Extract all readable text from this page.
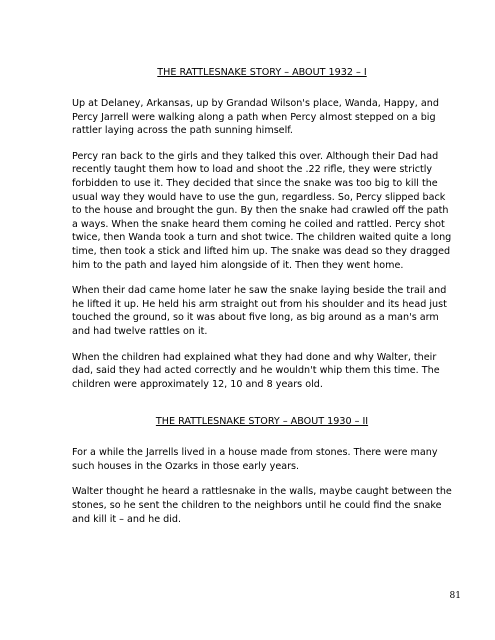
THE RATTLESNAKE STORY – ABOUT 1932 – I

Up at Delaney, Arkansas, up by Grandad Wilson's place, Wanda, Happy, and Percy Jarrell were walking along a path when Percy almost stepped on a big rattler laying across the path sunning himself.

Percy ran back to the girls and they talked this over. Although their Dad had recently taught them how to load and shoot the .22 rifle, they were strictly forbidden to use it. They decided that since the snake was too big to kill the usual way they would have to use the gun, regardless. So, Percy slipped back to the house and brought the gun. By then the snake had crawled off the path a ways. When the snake heard them coming he coiled and rattled. Percy shot twice, then Wanda took a turn and shot twice. The children waited quite a long time, then took a stick and lifted him up. The snake was dead so they dragged him to the path and layed him alongside of it. Then they went home.

When their dad came home later he saw the snake laying beside the trail and he lifted it up. He held his arm straight out from his shoulder and its head just touched the ground, so it was about five long, as big around as a man's arm and had twelve rattles on it.

When the children had explained what they had done and why Walter, their dad, said they had acted correctly and he wouldn't whip them this time. The children were approximately 12, 10 and 8 years old.

THE RATTLESNAKE STORY – ABOUT 1930 – II

For a while the Jarrells lived in a house made from stones. There were many such houses in the Ozarks in those early years.

Walter thought he heard a rattlesnake in the walls, maybe caught between the stones, so he sent the children to the neighbors until he could find the snake and kill it – and he did.

81
